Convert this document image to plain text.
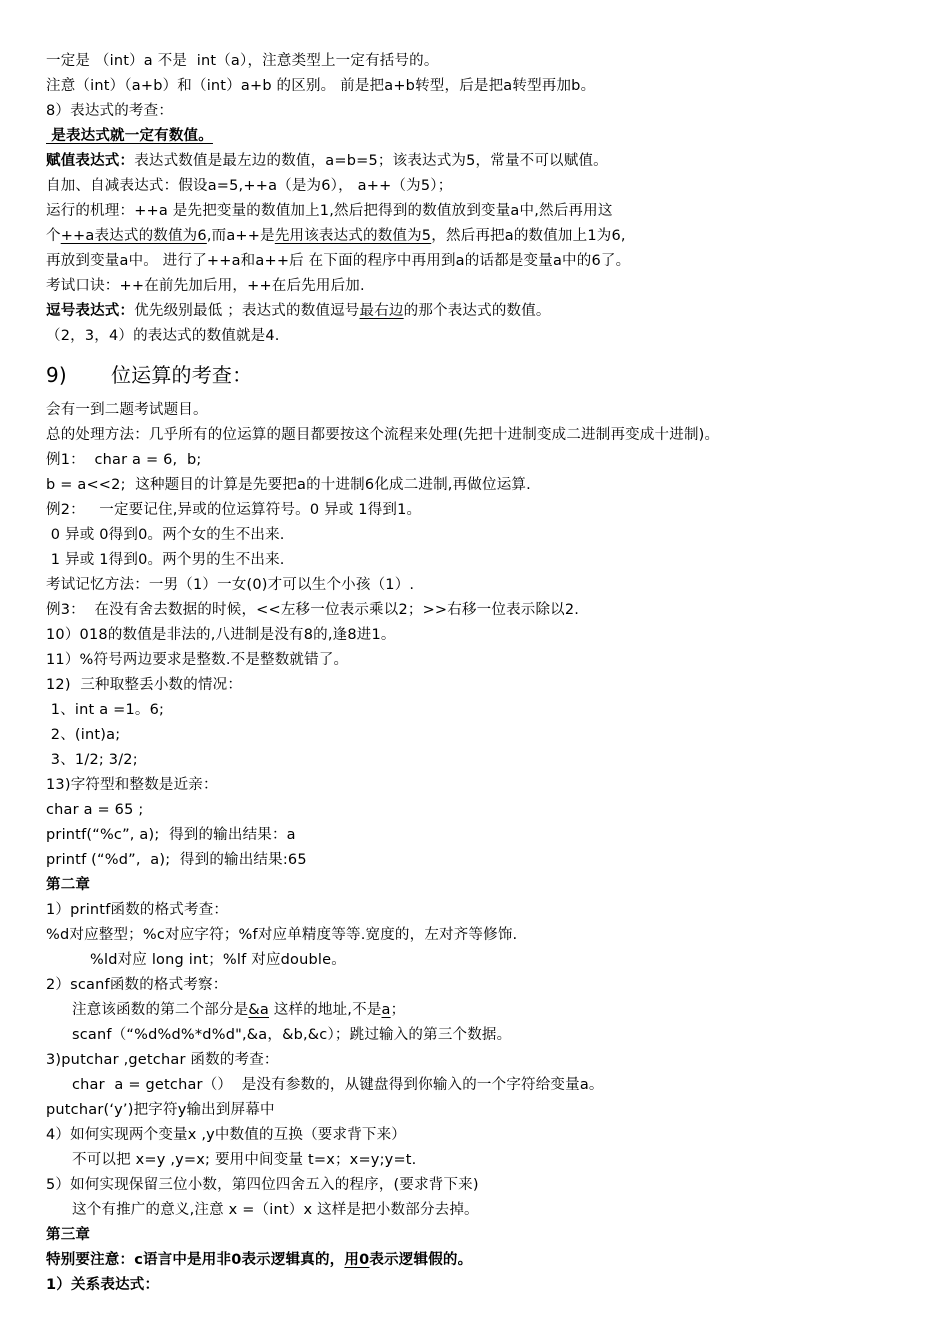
一定是 （int）a 不是  int（a），注意类型上一定有括号的。
注意（int）（a+b）和（int）a+b 的区别。 前是把a+b转型，后是把a转型再加b。
8）表达式的考查：
是表达式就一定有数值。
赋值表达式：表达式数值是最左边的数值，a=b=5；该表达式为5，常量不可以赋值。
自加、自减表达式：假设a=5,++a（是为6）， a++（为5）；
运行的机理：++a 是先把变量的数值加上1,然后把得到的数值放到变量a中,然后再用这
个++a表达式的数值为6,而a++是先用该表达式的数值为5，然后再把a的数值加上1为6,
再放到变量a中。 进行了++a和a++后 在下面的程序中再用到a的话都是变量a中的6了。
考试口诀：++在前先加后用，++在后先用后加.
逗号表达式：优先级别最低 ；表达式的数值逗号最右边的那个表达式的数值。
（2，3，4）的表达式的数值就是4.
9) 位运算的考查：
会有一到二题考试题目。
总的处理方法：几乎所有的位运算的题目都要按这个流程来处理(先把十进制变成二进制再变成十进制)。
例1：  char a = 6,  b;
b = a<<2;  这种题目的计算是先要把a的十进制6化成二进制,再做位运算.
例2：   一定要记住,异或的位运算符号。0 异或 1得到1。
0 异或 0得到0。两个女的生不出来.
1 异或 1得到0。两个男的生不出来.
考试记忆方法：一男（1）一女(0)才可以生个小孩（1）.
例3：  在没有舍去数据的时候，<<左移一位表示乘以2；>>右移一位表示除以2.
10）018的数值是非法的,八进制是没有8的,逢8进1。
11）%符号两边要求是整数.不是整数就错了。
12)  三种取整丢小数的情况：
1、int a =1。6;
2、(int)a;
3、1/2; 3/2;
13)字符型和整数是近亲：
char a = 65 ;
printf(“%c”, a);  得到的输出结果：a
printf (“%d”,  a);  得到的输出结果:65
第二章
1）printf函数的格式考查：
%d对应整型；%c对应字符；%f对应单精度等等.宽度的，左对齐等修饰.
%ld对应 long int；%lf 对应double。
2）scanf函数的格式考察：
注意该函数的第二个部分是&a 这样的地址,不是a；
scanf（“%d%d%*d%d",&a，&b,&c）；跳过输入的第三个数据。
3)putchar ,getchar 函数的考查：
char  a = getchar（）  是没有参数的，从键盘得到你输入的一个字符给变量a。
putchar(‘y’)把字符y输出到屏幕中
4）如何实现两个变量x ,y中数值的互换（要求背下来）
不可以把 x=y ,y=x; 要用中间变量 t=x；x=y;y=t.
5）如何实现保留三位小数，第四位四舍五入的程序，(要求背下来)
这个有推广的意义,注意 x =（int）x 这样是把小数部分去掉。
第三章
特别要注意：c语言中是用非0表示逻辑真的，用0表示逻辑假的。
1）关系表达式：
